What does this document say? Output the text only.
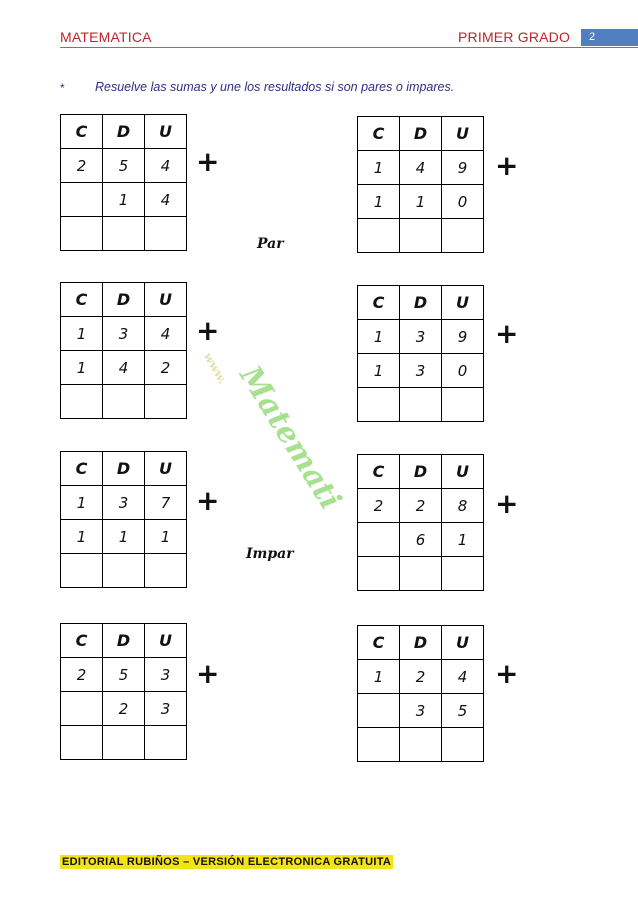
MATEMATICA	PRIMER GRADO	2
* Resuelve las sumas y une los resultados si son pares o impares.
www. Matemati
Par
Impar
C	D	U
2	5	4
	1	4

+
C	D	U
1	4	9
1	1	0

+
C	D	U
1	3	4
1	4	2

+
C	D	U
1	3	9
1	3	0

+
C	D	U
1	3	7
1	1	1

+
C	D	U
2	2	8
	6	1

+
C	D	U
2	5	3
	2	3

+
C	D	U
1	2	4
	3	5

+
EDITORIAL RUBIÑOS – VERSIÓN ELECTRONICA GRATUITA
